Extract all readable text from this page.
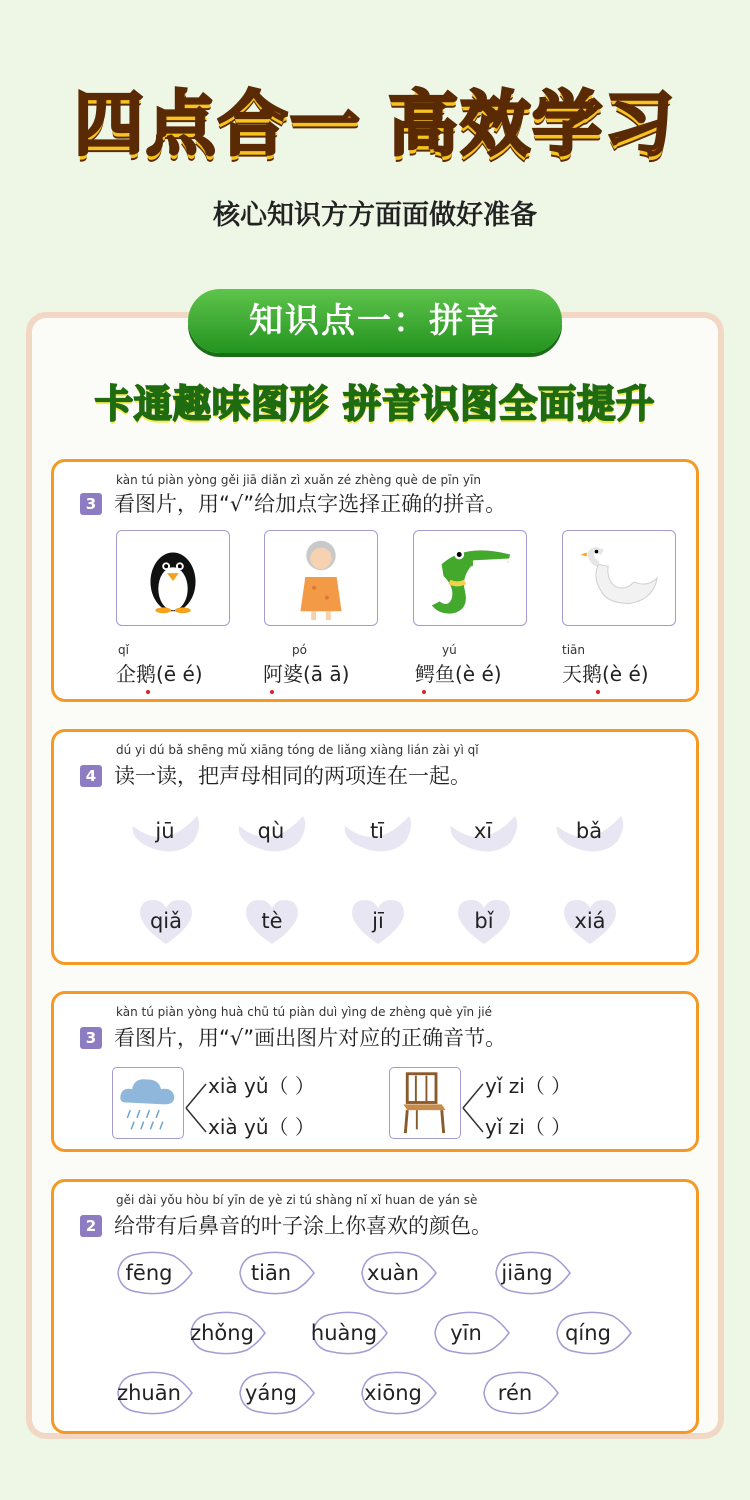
四点合一 高效学习
核心知识方方面面做好准备
知识点一：拼音
卡通趣味图形 拼音识图全面提升
kàn tú piàn yòng gěi jiā diǎn zì xuǎn zé zhèng què de pīn yīn
3 看图片，用“√”给加点字选择正确的拼音。
qǐ	pó	yú	tiān
企鹅(ē é)	阿婆(ā ā)	鳄鱼(è é)	天鹅(è é)
dú yi dú bǎ shēng mǔ xiāng tóng de liǎng xiàng lián zài yì qǐ
4 读一读，把声母相同的两项连在一起。
jū	qù	tī	xī	bǎ
qiǎ	tè	jī	bǐ	xiá
kàn tú piàn yòng huà chū tú piàn duì yìng de zhèng què yīn jié
3 看图片，用“√”画出图片对应的正确音节。
xià yǔ（ ）
xià yǔ（ ）
yǐ zi（ ）
yǐ zi（ ）
gěi dài yǒu hòu bí yīn de yè zi tú shàng nǐ xǐ huan de yán sè
2 给带有后鼻音的叶子涂上你喜欢的颜色。
fēng	tiān	xuàn	jiāng
zhǒng	huàng	yīn	qíng
zhuān	yáng	xiōng	rén
